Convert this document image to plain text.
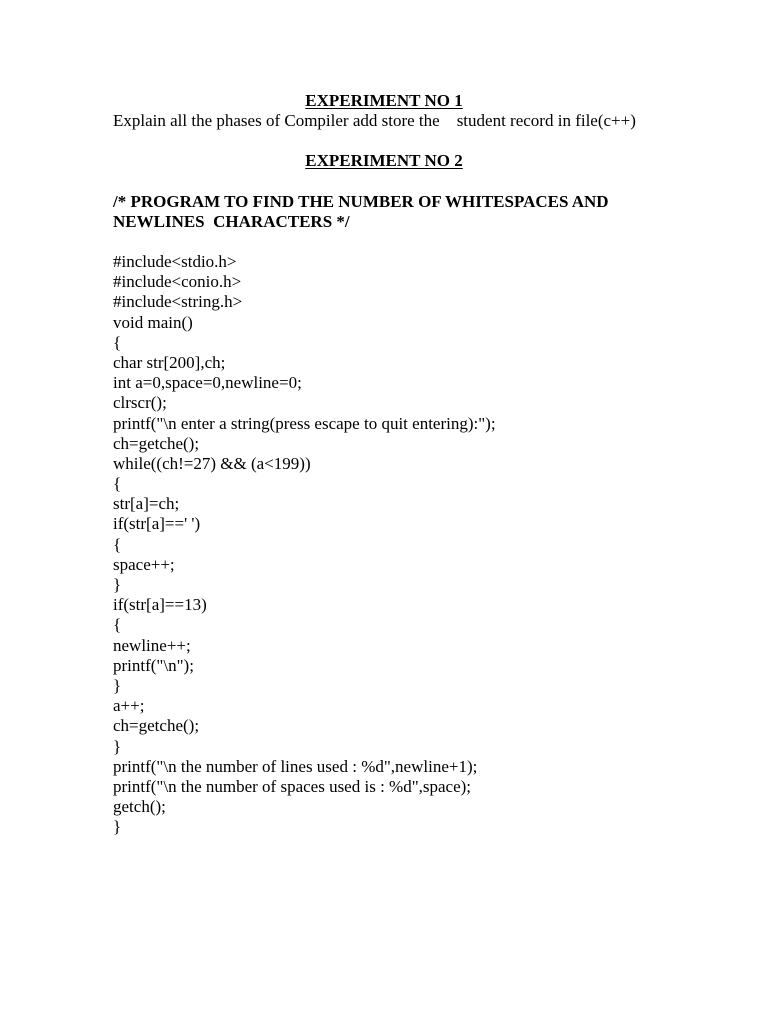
EXPERIMENT NO 1
Explain all the phases of Compiler add store the    student record in file(c++)
EXPERIMENT NO 2
/* PROGRAM TO FIND THE NUMBER OF WHITESPACES AND
NEWLINES  CHARACTERS */
#include<stdio.h>
#include<conio.h>
#include<string.h>
void main()
{
char str[200],ch;
int a=0,space=0,newline=0;
clrscr();
printf("\n enter a string(press escape to quit entering):");
ch=getche();
while((ch!=27) && (a<199))
{
str[a]=ch;
if(str[a]==' ')
{
space++;
}
if(str[a]==13)
{
newline++;
printf("\n");
}
a++;
ch=getche();
}
printf("\n the number of lines used : %d",newline+1);
printf("\n the number of spaces used is : %d",space);
getch();
}
